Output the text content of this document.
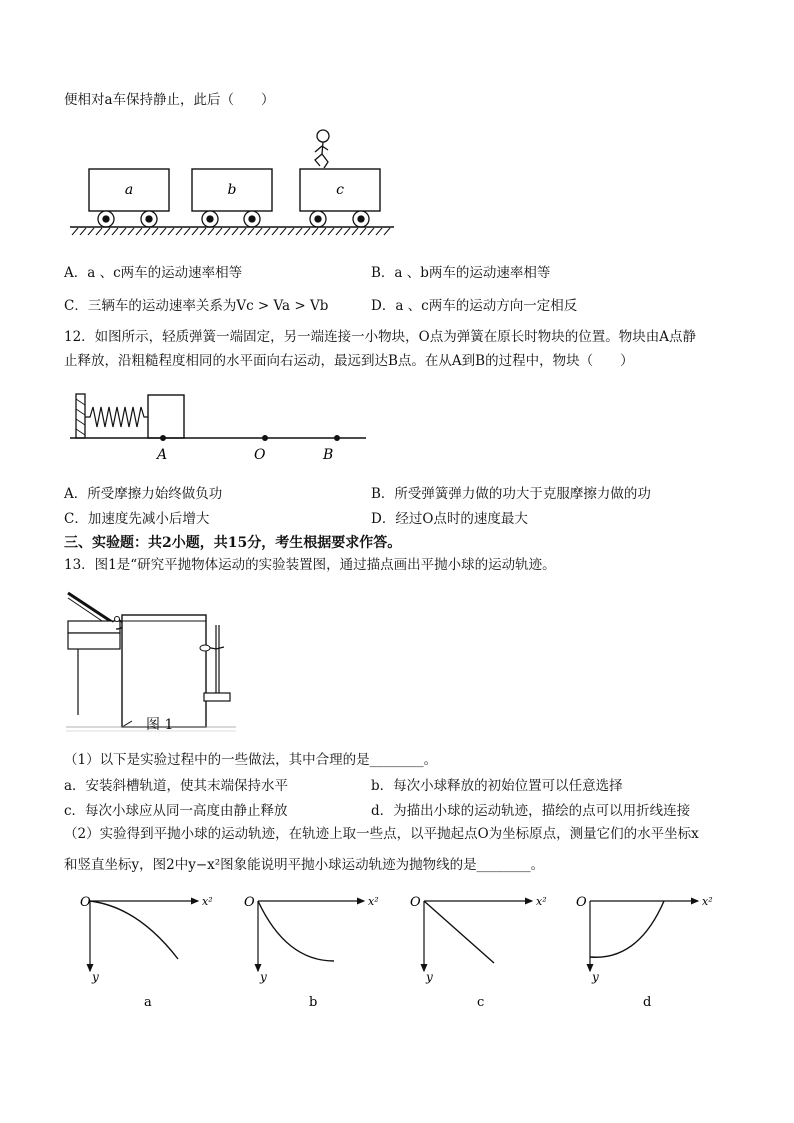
便相对a车保持静止，此后（　　）
a	b	c
A．a 、c两车的运动速率相等	B．a 、b两车的运动速率相等
C．三辆车的运动速率关系为Vc > Va > Vb	D．a 、c两车的运动方向一定相反
12．如图所示，轻质弹簧一端固定，另一端连接一小物块，O点为弹簧在原长时物块的位置。物块由A点静
止释放，沿粗糙程度相同的水平面向右运动，最远到达B点。在从A到B的过程中，物块（　　）
A	O	B
A．所受摩擦力始终做负功	B．所受弹簧弹力做的功大于克服摩擦力做的功
C．加速度先减小后增大	D．经过O点时的速度最大
三、实验题：共2小题，共15分，考生根据要求作答。
13．图1是“研究平抛物体运动的实验装置图，通过描点画出平抛小球的运动轨迹。
图 1
（1）以下是实验过程中的一些做法，其中合理的是________。
a．安装斜槽轨道，使其末端保持水平	b．每次小球释放的初始位置可以任意选择
c．每次小球应从同一高度由静止释放	d．为描出小球的运动轨迹，描绘的点可以用折线连接
（2）实验得到平抛小球的运动轨迹，在轨迹上取一些点，以平抛起点O为坐标原点，测量它们的水平坐标x
和竖直坐标y，图2中y−x²图象能说明平抛小球运动轨迹为抛物线的是________。
O	x²
y
a
O	x²
y
b
O	x²
y
c
O	x²
y
d
